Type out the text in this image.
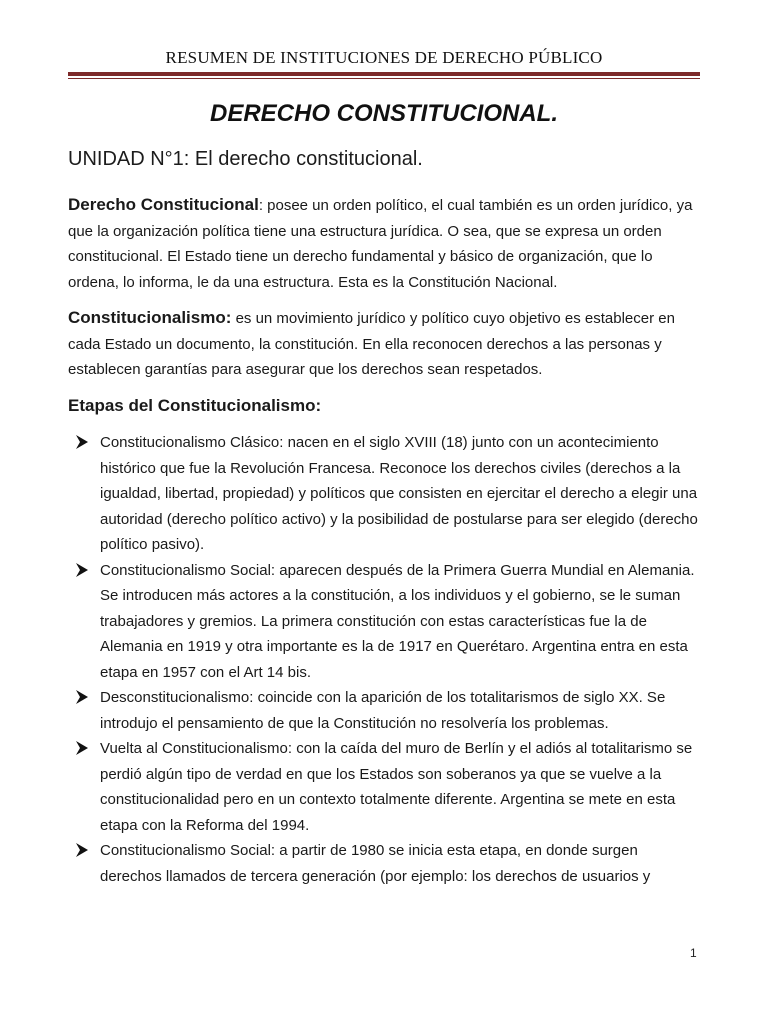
RESUMEN DE INSTITUCIONES DE DERECHO PÚBLICO
DERECHO CONSTITUCIONAL.
UNIDAD N°1: El derecho constitucional.

Derecho Constitucional: posee un orden político, el cual también es un orden jurídico, ya que la organización política tiene una estructura jurídica. O sea, que se expresa un orden constitucional. El Estado tiene un derecho fundamental y básico de organización, que lo ordena, lo informa, le da una estructura. Esta es la Constitución Nacional.

Constitucionalismo: es un movimiento jurídico y político cuyo objetivo es establecer en cada Estado un documento, la constitución. En ella reconocen derechos a las personas y establecen garantías para asegurar que los derechos sean respetados.

Etapas del Constitucionalismo:
Constitucionalismo Clásico: nacen en el siglo XVIII (18) junto con un acontecimiento histórico que fue la Revolución Francesa. Reconoce los derechos civiles (derechos a la igualdad, libertad, propiedad) y políticos que consisten en ejercitar el derecho a elegir una autoridad (derecho político activo) y la posibilidad de postularse para ser elegido (derecho político pasivo).
Constitucionalismo Social: aparecen después de la Primera Guerra Mundial en Alemania. Se introducen más actores a la constitución, a los individuos y el gobierno, se le suman trabajadores y gremios. La primera constitución con estas características fue la de Alemania en 1919 y otra importante es la de 1917 en Querétaro. Argentina entra en esta etapa en 1957 con el Art 14 bis.
Desconstitucionalismo: coincide con la aparición de los totalitarismos de siglo XX. Se introdujo el pensamiento de que la Constitución no resolvería los problemas.
Vuelta al Constitucionalismo: con la caída del muro de Berlín y el adiós al totalitarismo se perdió algún tipo de verdad en que los Estados son soberanos ya que se vuelve a la constitucionalidad pero en un contexto totalmente diferente. Argentina se mete en esta etapa con la Reforma del 1994.
Constitucionalismo Social: a partir de 1980 se inicia esta etapa, en donde surgen derechos llamados de tercera generación (por ejemplo: los derechos de usuarios y
1
